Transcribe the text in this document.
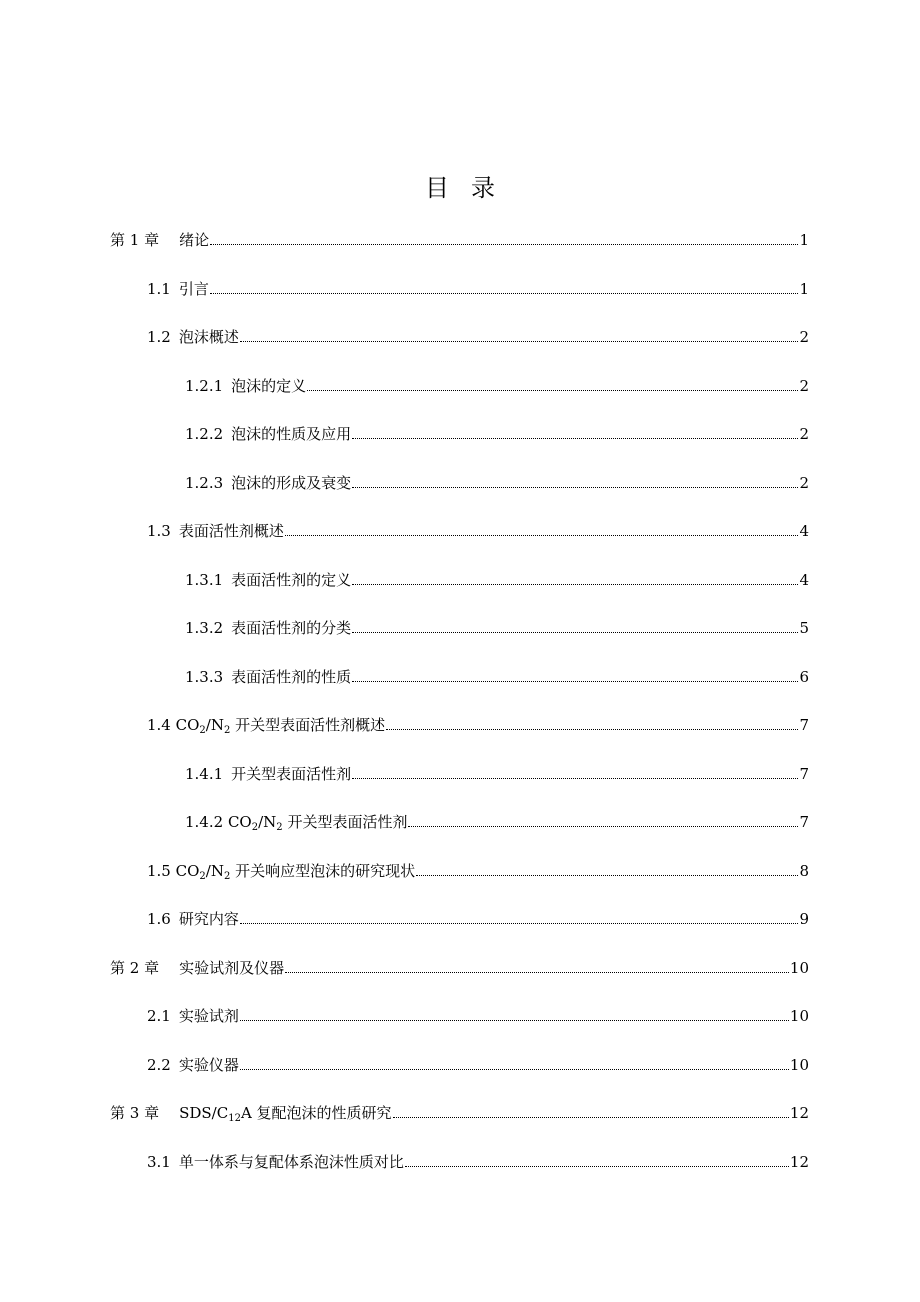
目 录
第 1 章 绪论	1
1.1 引言	1
1.2 泡沫概述	2
1.2.1 泡沫的定义	2
1.2.2 泡沫的性质及应用	2
1.2.3 泡沫的形成及衰变	2
1.3 表面活性剂概述	4
1.3.1 表面活性剂的定义	4
1.3.2 表面活性剂的分类	5
1.3.3 表面活性剂的性质	6
1.4 $CO_2/N_2$ 开关型表面活性剂概述	7
1.4.1 开关型表面活性剂	7
1.4.2 $CO_2/N_2$ 开关型表面活性剂	7
1.5 $CO_2/N_2$ 开关响应型泡沫的研究现状	8
1.6 研究内容	9
第 2 章 实验试剂及仪器	10
2.1 实验试剂	10
2.2 实验仪器	10
第 3 章 SDS/$C_{12}A$ 复配泡沫的性质研究	12
3.1 单一体系与复配体系泡沫性质对比	12
